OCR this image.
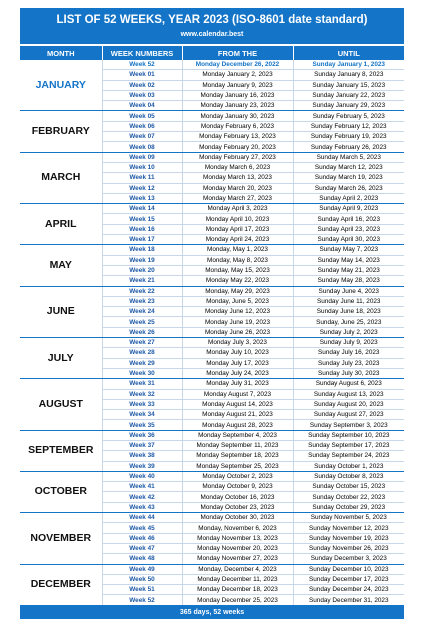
LIST OF 52 WEEKS, YEAR 2023 (ISO-8601 date standard)
www.calendar.best
MONTH	WEEK NUMBERS	FROM THE	UNTIL
JANUARY	Week 52	Monday December 26, 2022	Sunday January 1, 2023
	Week 01	Monday January 2, 2023	Sunday January 8, 2023
	Week 02	Monday January 9, 2023	Sunday January 15, 2023
	Week 03	Monday January 16, 2023	Sunday January 22, 2023
	Week 04	Monday January 23, 2023	Sunday January 29, 2023
FEBRUARY	Week 05	Monday January 30, 2023	Sunday February 5, 2023
	Week 06	Monday February 6, 2023	Sunday February 12, 2023
	Week 07	Monday February 13, 2023	Sunday February 19, 2023
	Week 08	Monday February 20, 2023	Sunday February 26, 2023
MARCH	Week 09	Monday February 27, 2023	Sunday March 5, 2023
	Week 10	Monday March 6, 2023	Sunday March 12, 2023
	Week 11	Monday March 13, 2023	Sunday March 19, 2023
	Week 12	Monday March 20, 2023	Sunday March 26, 2023
	Week 13	Monday March 27, 2023	Sunday April 2, 2023
APRIL	Week 14	Monday April 3, 2023	Sunday April 9, 2023
	Week 15	Monday April 10, 2023	Sunday April 16, 2023
	Week 16	Monday April 17, 2023	Sunday April 23, 2023
	Week 17	Monday April 24, 2023	Sunday April 30, 2023
MAY	Week 18	Monday, May 1, 2023	Sunday May 7, 2023
	Week 19	Monday, May 8, 2023	Sunday May 14, 2023
	Week 20	Monday, May 15, 2023	Sunday May 21, 2023
	Week 21	Monday May 22, 2023	Sunday May 28, 2023
JUNE	Week 22	Monday, May 29, 2023	Sunday June 4, 2023
	Week 23	Monday, June 5, 2023	Sunday June 11, 2023
	Week 24	Monday June 12, 2023	Sunday June 18, 2023
	Week 25	Monday June 19, 2023	Sunday, June 25, 2023
	Week 26	Monday June 26, 2023	Sunday July 2, 2023
JULY	Week 27	Monday July 3, 2023	Sunday July 9, 2023
	Week 28	Monday July 10, 2023	Sunday July 16, 2023
	Week 29	Monday July 17, 2023	Sunday July 23, 2023
	Week 30	Monday July 24, 2023	Sunday July 30, 2023
AUGUST	Week 31	Monday July 31, 2023	Sunday August 6, 2023
	Week 32	Monday August 7, 2023	Sunday August 13, 2023
	Week 33	Monday August 14, 2023	Sunday August 20, 2023
	Week 34	Monday August 21, 2023	Sunday August 27, 2023
	Week 35	Monday August 28, 2023	Sunday September 3, 2023
SEPTEMBER	Week 36	Monday September 4, 2023	Sunday September 10, 2023
	Week 37	Monday September 11, 2023	Sunday September 17, 2023
	Week 38	Monday September 18, 2023	Sunday September 24, 2023
	Week 39	Monday September 25, 2023	Sunday October 1, 2023
OCTOBER	Week 40	Monday October 2, 2023	Sunday October 8, 2023
	Week 41	Monday October 9, 2023	Sunday October 15, 2023
	Week 42	Monday October 16, 2023	Sunday October 22, 2023
	Week 43	Monday October 23, 2023	Sunday October 29, 2023
NOVEMBER	Week 44	Monday October 30, 2023	Sunday November 5, 2023
	Week 45	Monday, November 6, 2023	Sunday November 12, 2023
	Week 46	Monday November 13, 2023	Sunday November 19, 2023
	Week 47	Monday November 20, 2023	Sunday November 26, 2023
	Week 48	Monday November 27, 2023	Sunday December 3, 2023
DECEMBER	Week 49	Monday, December 4, 2023	Sunday December 10, 2023
	Week 50	Monday December 11, 2023	Sunday December 17, 2023
	Week 51	Monday December 18, 2023	Sunday December 24, 2023
	Week 52	Monday December 25, 2023	Sunday December 31, 2023
365 days, 52 weeks
